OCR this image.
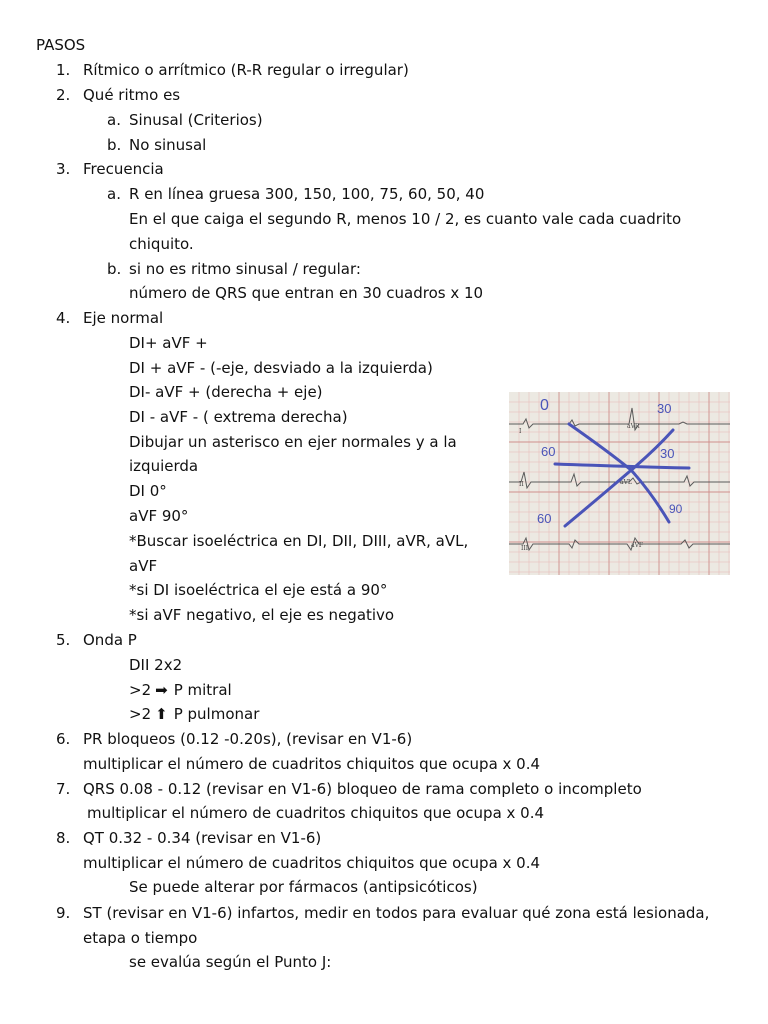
PASOS
1. Rítmico o arrítmico (R-R regular o irregular)
2. Qué ritmo es
a. Sinusal (Criterios)
b. No sinusal
3. Frecuencia
a. R en línea gruesa 300, 150, 100, 75, 60, 50, 40
En el que caiga el segundo R, menos 10 / 2, es cuanto vale cada cuadrito
chiquito.
b. si no es ritmo sinusal / regular:
número de QRS que entran en 30 cuadros x 10
4. Eje normal
DI+ aVF +
DI + aVF - (-eje, desviado a la izquierda)
DI- aVF + (derecha + eje)
DI - aVF - ( extrema derecha)
Dibujar un asterisco en ejer normales y a la
izquierda
DI 0°
aVF 90°
*Buscar isoeléctrica en DI, DII, DIII, aVR, aVL,
aVF
*si DI isoeléctrica el eje está a 90°
*si aVF negativo, el eje es negativo
I
aVR
II	aVL
III	aVF
0	30
60	30
60
90
5. Onda P
DII 2x2
>2 ➡ P mitral
>2 ⬆ P pulmonar
6. PR bloqueos (0.12 -0.20s), (revisar en V1-6)
multiplicar el número de cuadritos chiquitos que ocupa x 0.4
7. QRS 0.08 - 0.12 (revisar en V1-6) bloqueo de rama completo o incompleto
multiplicar el número de cuadritos chiquitos que ocupa x 0.4
8. QT 0.32 - 0.34 (revisar en V1-6)
multiplicar el número de cuadritos chiquitos que ocupa x 0.4
Se puede alterar por fármacos (antipsicóticos)
9. ST (revisar en V1-6) infartos, medir en todos para evaluar qué zona está lesionada,
etapa o tiempo
se evalúa según el Punto J:
